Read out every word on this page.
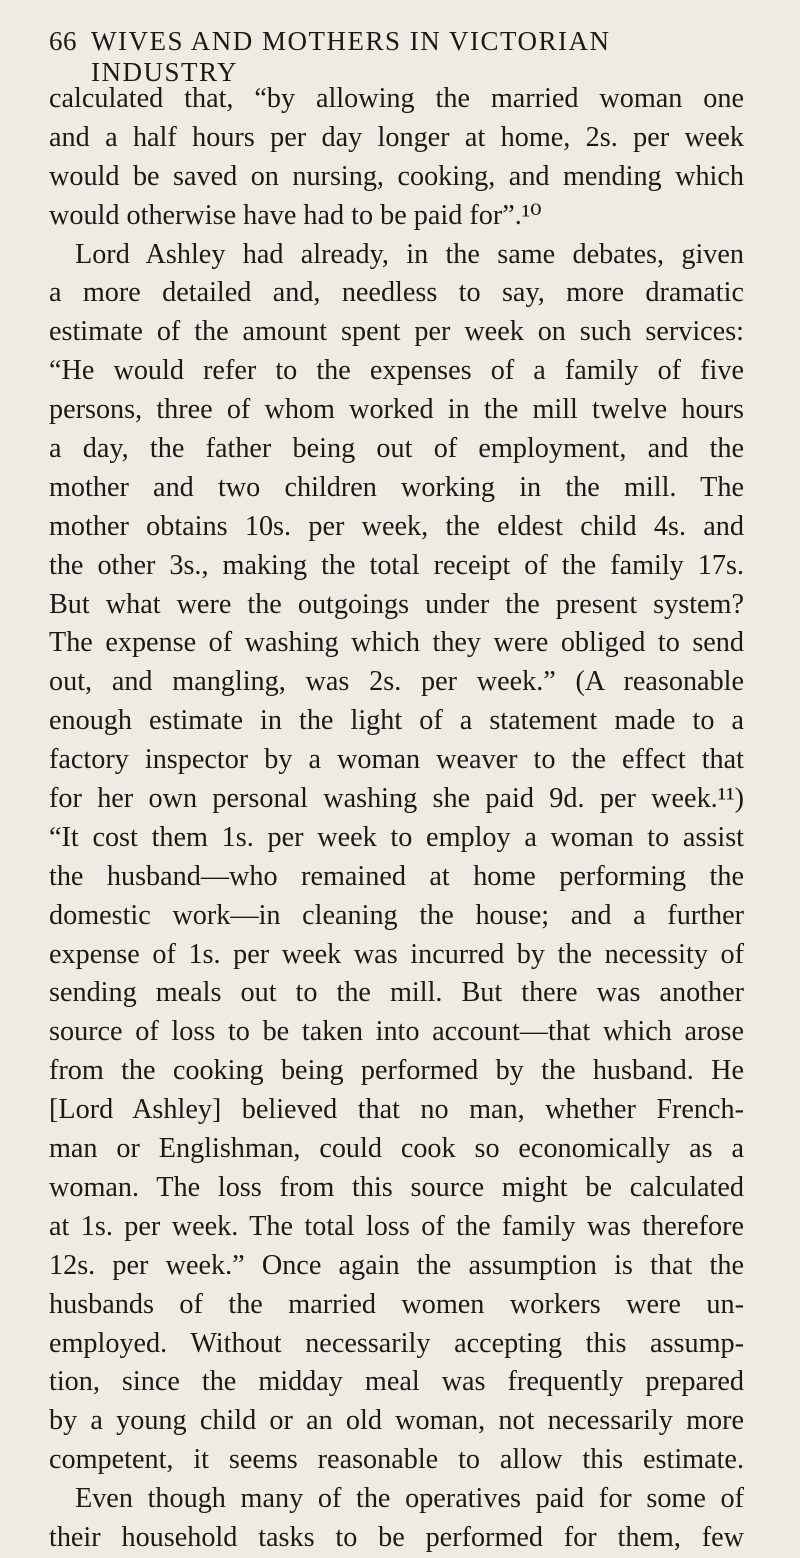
66 WIVES AND MOTHERS IN VICTORIAN INDUSTRY
calculated that, “by allowing the married woman one
and a half hours per day longer at home, 2s. per week
would be saved on nursing, cooking, and mending which
would otherwise have had to be paid for”.¹⁰
Lord Ashley had already, in the same debates, given
a more detailed and, needless to say, more dramatic
estimate of the amount spent per week on such services:
“He would refer to the expenses of a family of five
persons, three of whom worked in the mill twelve hours
a day, the father being out of employment, and the
mother and two children working in the mill. The
mother obtains 10s. per week, the eldest child 4s. and
the other 3s., making the total receipt of the family 17s.
But what were the outgoings under the present system?
The expense of washing which they were obliged to send
out, and mangling, was 2s. per week.” (A reasonable
enough estimate in the light of a statement made to a
factory inspector by a woman weaver to the effect that
for her own personal washing she paid 9d. per week.¹¹)
“It cost them 1s. per week to employ a woman to assist
the husband—who remained at home performing the
domestic work—in cleaning the house; and a further
expense of 1s. per week was incurred by the necessity of
sending meals out to the mill. But there was another
source of loss to be taken into account—that which arose
from the cooking being performed by the husband. He
[Lord Ashley] believed that no man, whether French-
man or Englishman, could cook so economically as a
woman. The loss from this source might be calculated
at 1s. per week. The total loss of the family was therefore
12s. per week.” Once again the assumption is that the
husbands of the married women workers were un-
employed. Without necessarily accepting this assump-
tion, since the midday meal was frequently prepared
by a young child or an old woman, not necessarily more
competent, it seems reasonable to allow this estimate.
Even though many of the operatives paid for some of
their household tasks to be performed for them, few
